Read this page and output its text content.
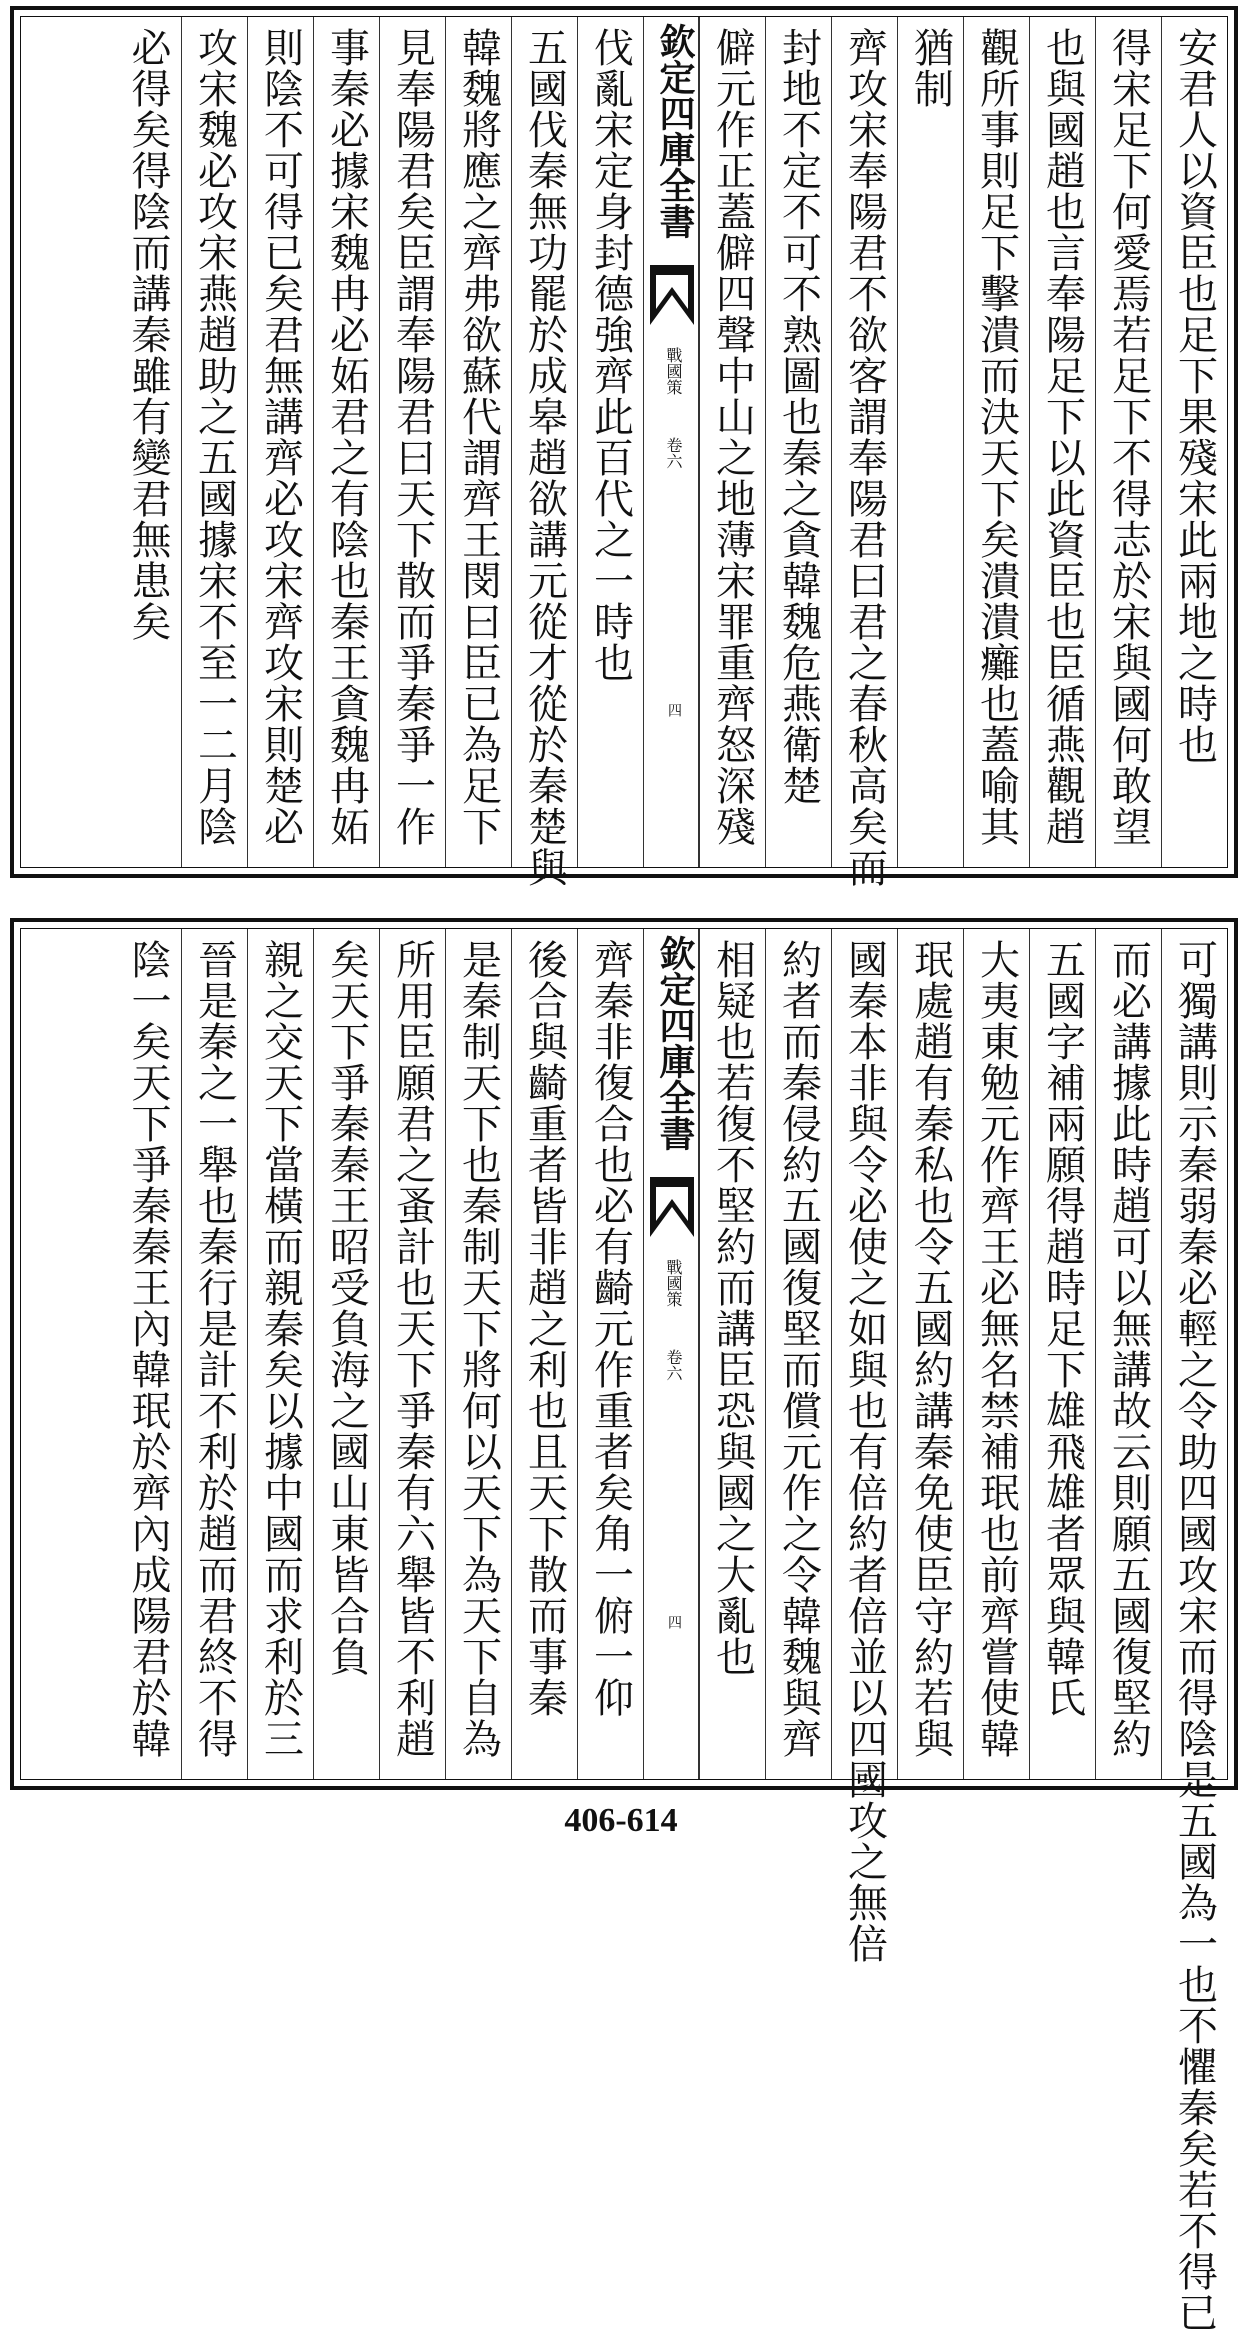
安君人以資臣也足下果殘宋此兩地之時也
得宋足下何愛焉若足下不得志於宋與國何敢望
也與國趙也言奉陽足下以此資臣也臣循燕觀趙
觀所事則足下擊潰而決天下矣潰潰癱也蓋喻其
猶制
齊攻宋奉陽君不欲客謂奉陽君曰君之春秋高矣而
封地不定不可不熟圖也秦之貪韓魏危燕衛楚
僻元作正蓋僻四聲中山之地薄宋罪重齊怒深殘
欽定四庫全書
戰國策
卷六
四
伐亂宋定身封德強齊此百代之一時也
五國伐秦無功罷於成皋趙欲講元從才從於秦楚與
韓魏將應之齊弗欲蘇代謂齊王閔曰臣已為足下
見奉陽君矣臣謂奉陽君曰天下散而爭秦爭一作
事秦必據宋魏冉必妬君之有陰也秦王貪魏冉妬
則陰不可得已矣君無講齊必攻宋齊攻宋則楚必
攻宋魏必攻宋燕趙助之五國據宋不至一二月陰
必得矣得陰而講秦雖有變君無患矣
可獨講則示秦弱秦必輕之令助四國攻宋而得陰是五國為一也不懼秦矣若不得已
而必講據此時趙可以無講故云則願五國復堅約
五國字補兩願得趙時足下雄飛雄者眾與韓氏
大夷東勉元作齊王必無名禁補珉也前齊嘗使韓
珉處趙有秦私也令五國約講秦免使臣守約若與
國秦本非與令必使之如與也有倍約者倍並以四國攻之無倍
約者而秦侵約五國復堅而償元作之令韓魏與齊
相疑也若復不堅約而講臣恐與國之大亂也
欽定四庫全書
戰國策
卷六
四
齊秦非復合也必有齮元作重者矣角一俯一仰
後合與齮重者皆非趙之利也且天下散而事秦
是秦制天下也秦制天下將何以天下為天下自為
所用臣願君之蚤計也天下爭秦有六舉皆不利趙
矣天下爭秦秦王昭受負海之國山東皆合負
親之交天下當橫而親秦矣以據中國而求利於三
晉是秦之一舉也秦行是計不利於趙而君終不得
陰一矣天下爭秦秦王內韓珉於齊內成陽君於韓
406-614
